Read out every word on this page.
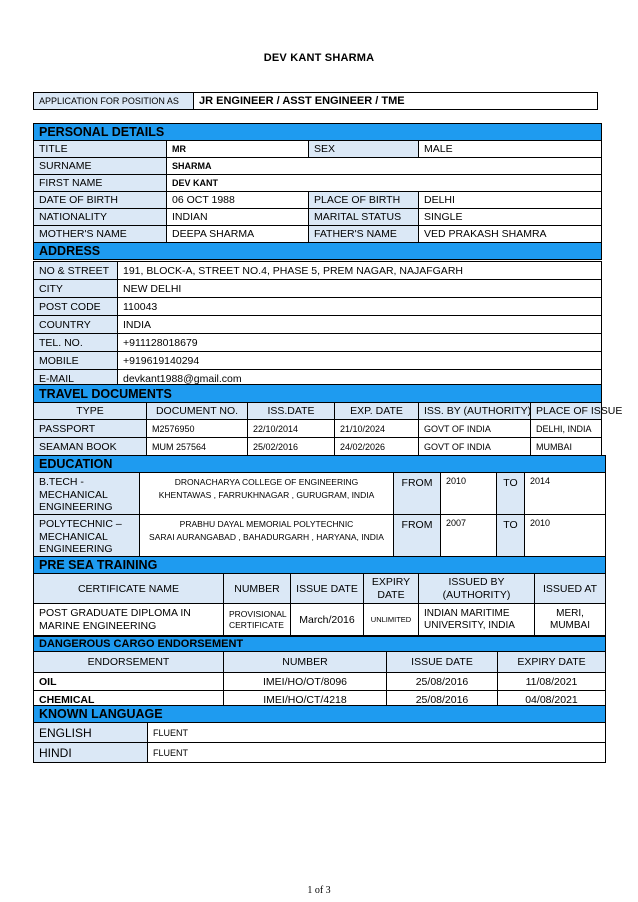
DEV KANT SHARMA
APPLICATION FOR POSITION AS	JR ENGINEER / ASST ENGINEER / TME
PERSONAL DETAILS			
TITLE	MR	SEX	MALE
SURNAME	SHARMA		
FIRST NAME	DEV KANT		
DATE OF BIRTH	06 OCT 1988	PLACE OF BIRTH	DELHI
NATIONALITY	INDIAN	MARITAL STATUS	SINGLE
MOTHER'S NAME	DEEPA SHARMA	FATHER'S NAME	VED PRAKASH SHAMRA
ADDRESS			
NO & STREET	191, BLOCK-A, STREET NO.4, PHASE 5, PREM NAGAR, NAJAFGARH
CITY	NEW DELHI
POST CODE	110043
COUNTRY	INDIA
TEL. NO.	+911128018679
MOBILE	+919619140294
E-MAIL	devkant1988@gmail.com
TRAVEL DOCUMENTS					
TYPE	DOCUMENT NO.	ISS.DATE	EXP. DATE	ISS. BY (AUTHORITY)	PLACE OF ISSUE
PASSPORT	M2576950	22/10/2014	21/10/2024	GOVT OF INDIA	DELHI, INDIA
SEAMAN BOOK	MUM 257564	25/02/2016	24/02/2026	GOVT OF INDIA	MUMBAI
EDUCATION					
B.TECH - MECHANICAL ENGINEERING	DRONACHARYA COLLEGE OF ENGINEERING
KHENTAWAS , FARRUKHNAGAR , GURUGRAM, INDIA	FROM	2010	TO	2014
POLYTECHNIC – MECHANICAL ENGINEERING	PRABHU DAYAL MEMORIAL POLYTECHNIC
SARAI AURANGABAD , BAHADURGARH , HARYANA, INDIA	FROM	2007	TO	2010
PRE SEA TRAINING					
CERTIFICATE NAME	NUMBER	ISSUE DATE	EXPIRY DATE	ISSUED BY (AUTHORITY)	ISSUED AT
POST GRADUATE DIPLOMA IN MARINE ENGINEERING	PROVISIONAL CERTIFICATE	March/2016	UNLIMITED	INDIAN MARITIME UNIVERSITY, INDIA	MERI, MUMBAI
DANGEROUS CARGO ENDORSEMENT			
ENDORSEMENT	NUMBER	ISSUE DATE	EXPIRY DATE
OIL	IMEI/HO/OT/8096	25/08/2016	11/08/2021
CHEMICAL	IMEI/HO/CT/4218	25/08/2016	04/08/2021
KNOWN LANGUAGE	
ENGLISH	FLUENT
HINDI	FLUENT
1 of 3
